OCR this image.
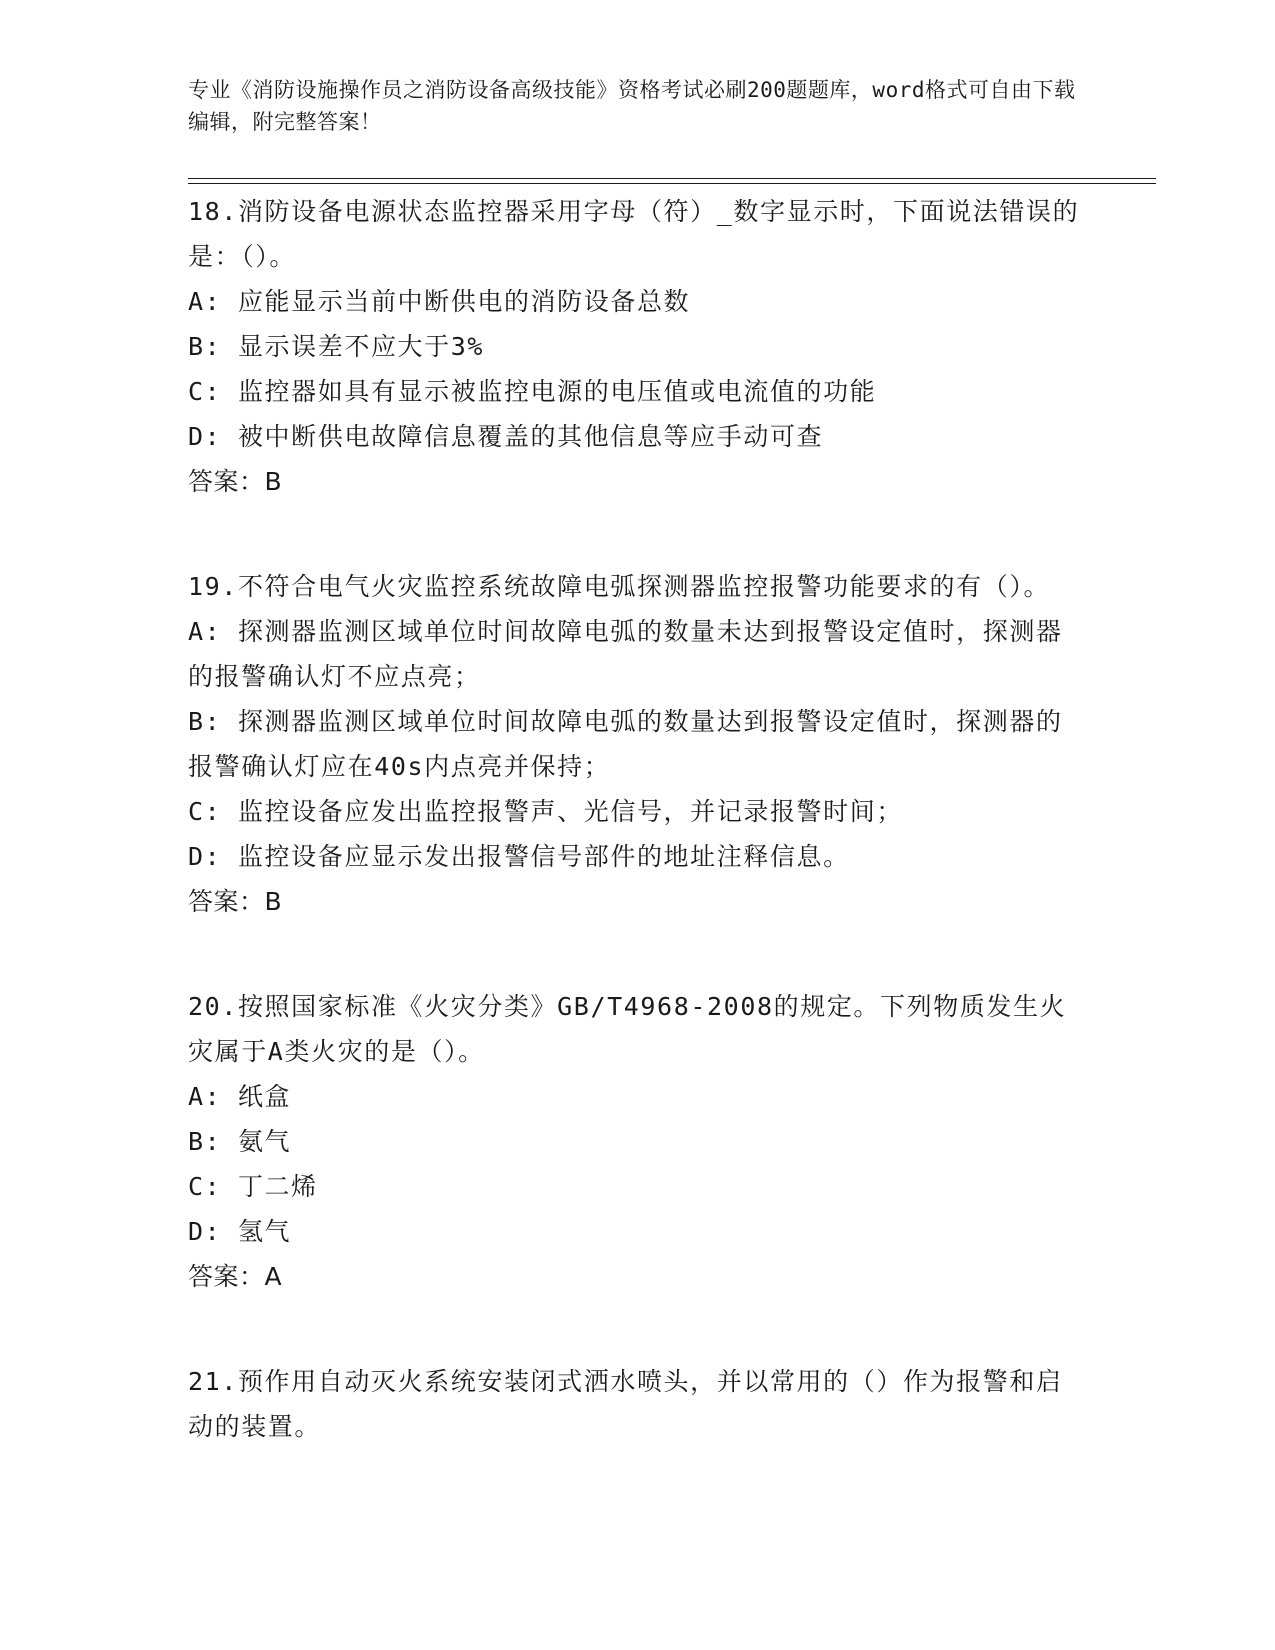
专业《消防设施操作员之消防设备高级技能》资格考试必刷200题题库，word格式可自由下载编辑，附完整答案！

18.消防设备电源状态监控器采用字母（符）_数字显示时，下面说法错误的是：（）。

A: 应能显示当前中断供电的消防设备总数

B: 显示误差不应大于3%

C: 监控器如具有显示被监控电源的电压值或电流值的功能

D: 被中断供电故障信息覆盖的其他信息等应手动可查

答案：B

19.不符合电气火灾监控系统故障电弧探测器监控报警功能要求的有（）。

A: 探测器监测区域单位时间故障电弧的数量未达到报警设定值时，探测器的报警确认灯不应点亮；

B: 探测器监测区域单位时间故障电弧的数量达到报警设定值时，探测器的报警确认灯应在40s内点亮并保持；

C: 监控设备应发出监控报警声、光信号，并记录报警时间；

D: 监控设备应显示发出报警信号部件的地址注释信息。

答案：B

20.按照国家标准《火灾分类》GB/T4968-2008的规定。下列物质发生火灾属于A类火灾的是（）。

A: 纸盒

B: 氨气

C: 丁二烯

D: 氢气

答案：A

21.预作用自动灭火系统安装闭式洒水喷头，并以常用的（）作为报警和启动的装置。
